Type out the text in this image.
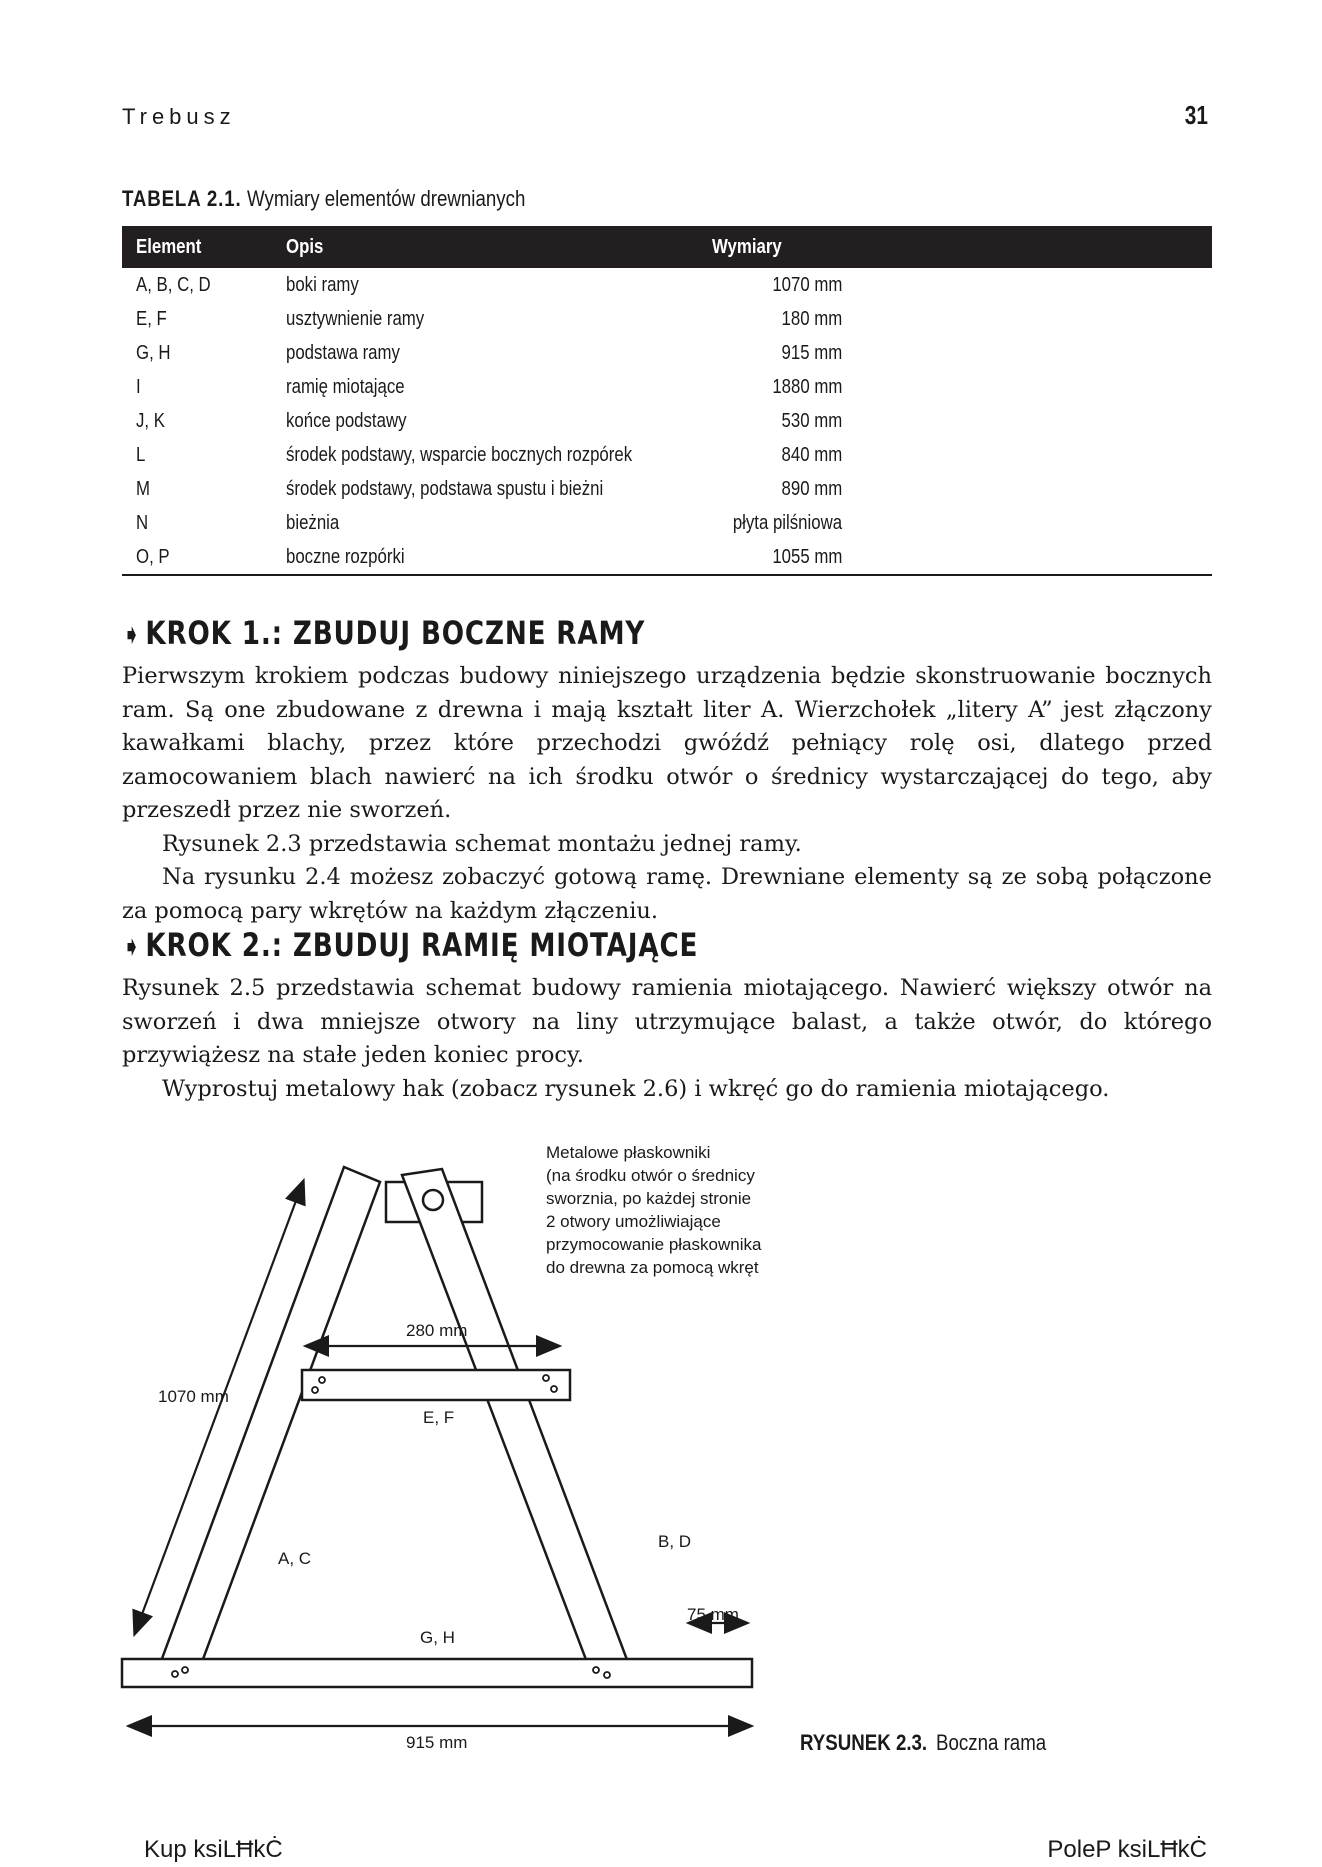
Trebusz	31
TABELA 2.1. Wymiary elementów drewnianych
Element	Opis	Wymiary	
A, B, C, D	boki ramy	1070 mm	
E, F	usztywnienie ramy	180 mm	
G, H	podstawa ramy	915 mm	
I	ramię miotające	1880 mm	
J, K	końce podstawy	530 mm	
L	środek podstawy, wsparcie bocznych rozpórek	840 mm	
M	środek podstawy, podstawa spustu i bieżni	890 mm	
N	bieżnia	płyta pilśniowa	
O, P	boczne rozpórki	1055 mm	
➧ KROK 1.: ZBUDUJ BOCZNE RAMY

Pierwszym krokiem podczas budowy niniejszego urządzenia będzie skonstruowanie bocznych ram. Są one zbudowane z drewna i mają kształt liter A. Wierzchołek „litery A” jest złączony kawałkami blachy, przez które przechodzi gwóźdź pełniący rolę osi, dlatego przed zamocowaniem blach nawierć na ich środku otwór o średnicy wystarczającej do tego, aby przeszedł przez nie sworzeń.

Rysunek 2.3 przedstawia schemat montażu jednej ramy.

Na rysunku 2.4 możesz zobaczyć gotową ramę. Drewniane elementy są ze sobą połączone za pomocą pary wkrętów na każdym złączeniu.

➧ KROK 2.: ZBUDUJ RAMIĘ MIOTAJĄCE

Rysunek 2.5 przedstawia schemat budowy ramienia miotającego. Nawierć większy otwór na sworzeń i dwa mniejsze otwory na liny utrzymujące balast, a także otwór, do którego przywiążesz na stałe jeden koniec procy.

Wyprostuj metalowy hak (zobacz rysunek 2.6) i wkręć go do ramienia miotającego.

Metalowe płaskowniki
(na środku otwór o średnicy
sworznia, po każdej stronie
2 otwory umożliwiające
przymocowanie płaskownika
do drewna za pomocą wkręt
280 mm
1070 mm
E, F
B, D
A, C
75 mm
G, H
915 mm	RYSUNEK 2.3. Boczna rama
Kup ksiLĦkĊ	PoleP ksiLĦkĊ
